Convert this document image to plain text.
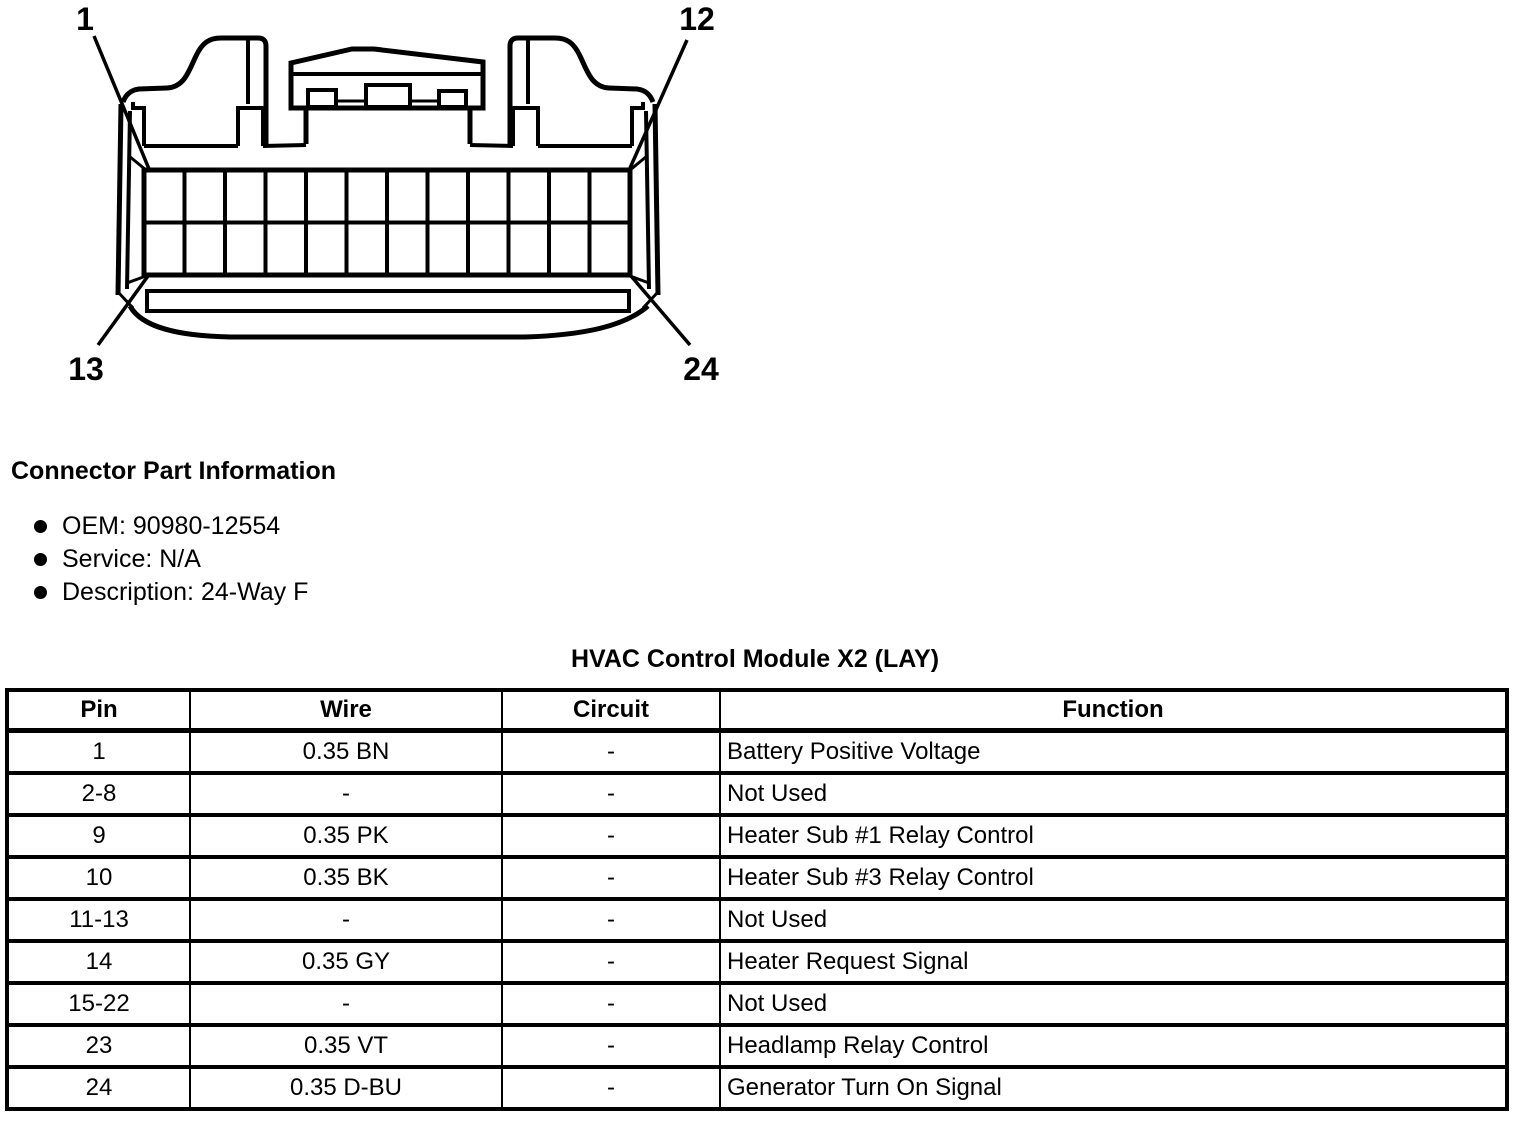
1	12
13	24
Connector Part Information
OEM: 90980-12554
Service: N/A
Description: 24-Way F
HVAC Control Module X2 (LAY)
Pin	Wire	Circuit	Function
1	0.35 BN	-	Battery Positive Voltage
2-8	-	-	Not Used
9	0.35 PK	-	Heater Sub #1 Relay Control
10	0.35 BK	-	Heater Sub #3 Relay Control
11-13	-	-	Not Used
14	0.35 GY	-	Heater Request Signal
15-22	-	-	Not Used
23	0.35 VT	-	Headlamp Relay Control
24	0.35 D-BU	-	Generator Turn On Signal
